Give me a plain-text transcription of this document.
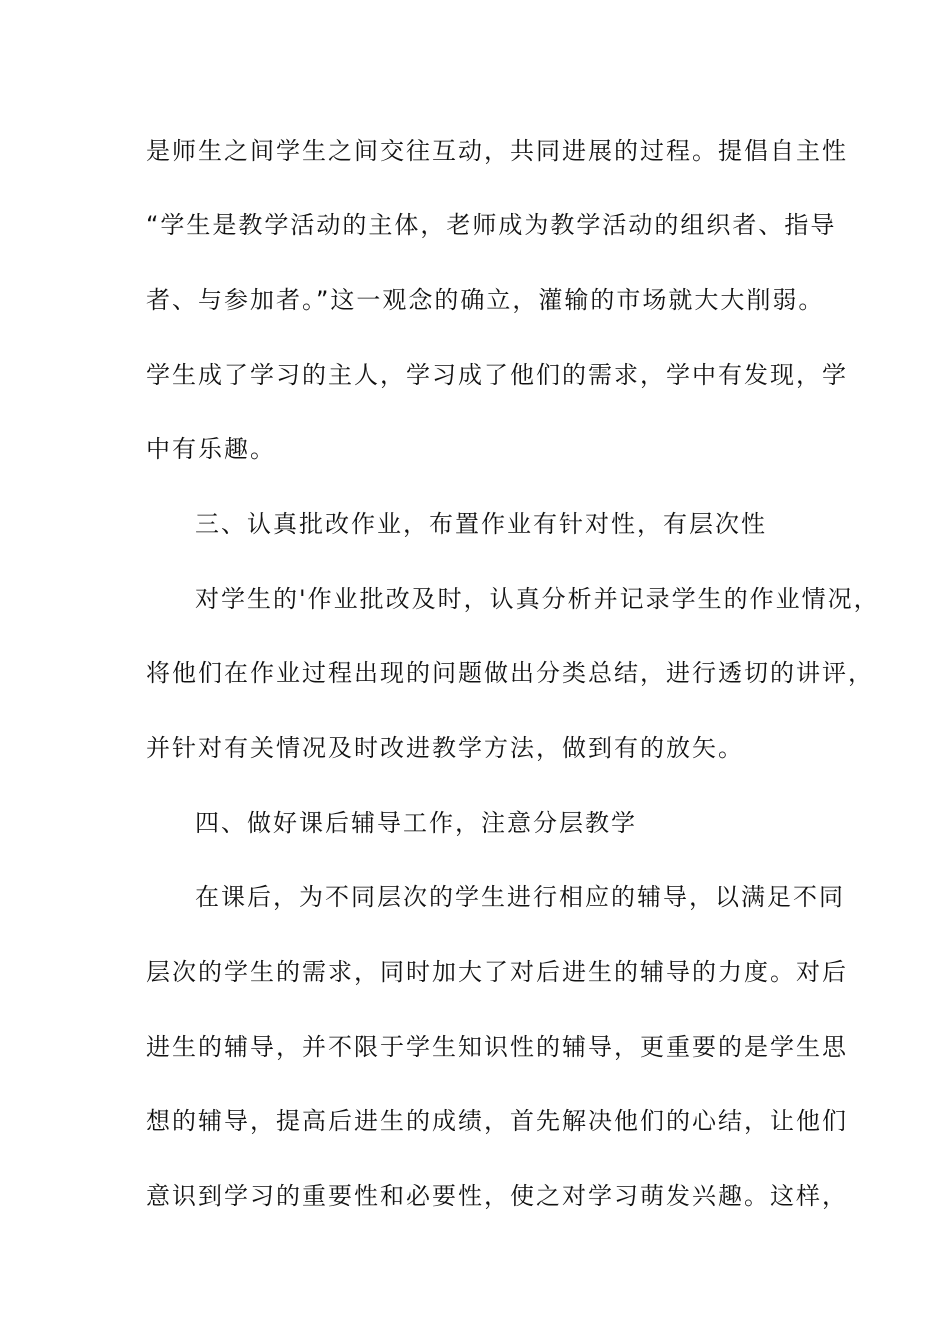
是师生之间学生之间交往互动，共同进展的过程。提倡自主性
“学生是教学活动的主体，老师成为教学活动的组织者、指导
者、与参加者。”这一观念的确立，灌输的市场就大大削弱。
学生成了学习的主人，学习成了他们的需求，学中有发现，学
中有乐趣。
三、认真批改作业，布置作业有针对性，有层次性
对学生的'作业批改及时，认真分析并记录学生的作业情况，
将他们在作业过程出现的问题做出分类总结，进行透切的讲评，
并针对有关情况及时改进教学方法，做到有的放矢。
四、做好课后辅导工作，注意分层教学
在课后，为不同层次的学生进行相应的辅导，以满足不同
层次的学生的需求，同时加大了对后进生的辅导的力度。对后
进生的辅导，并不限于学生知识性的辅导，更重要的是学生思
想的辅导，提高后进生的成绩，首先解决他们的心结，让他们
意识到学习的重要性和必要性，使之对学习萌发兴趣。这样，
